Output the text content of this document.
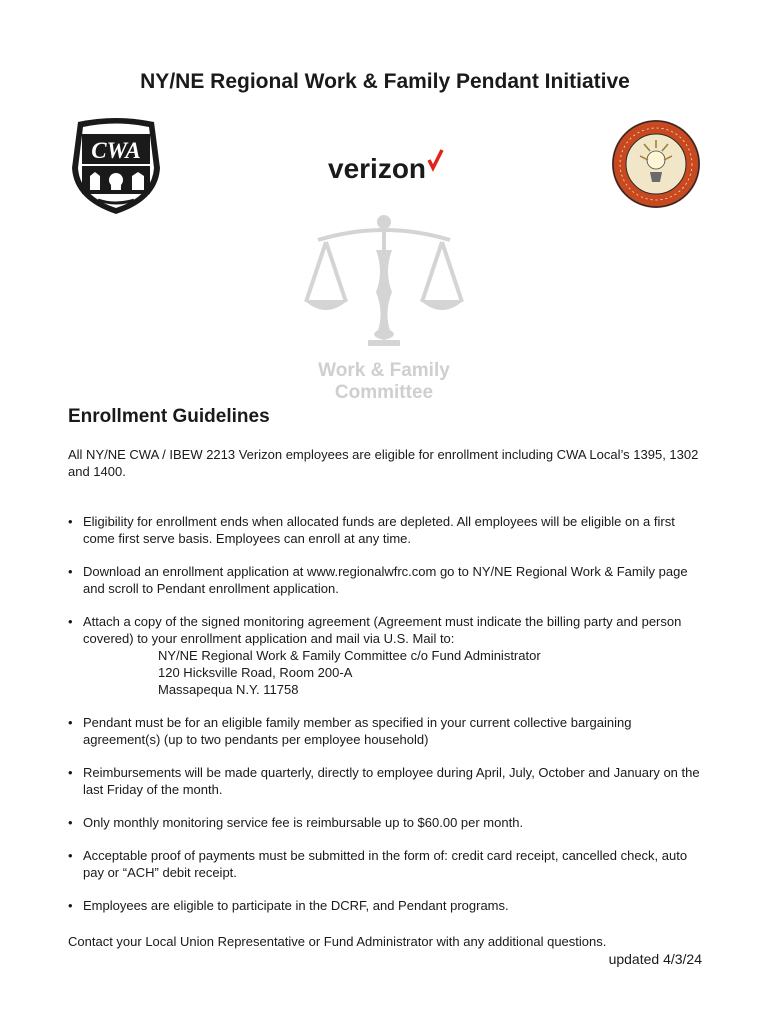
NY/NE Regional Work & Family Pendant Initiative
CWA
verizon
Work & Family
Committee
Enrollment Guidelines

All NY/NE CWA / IBEW 2213 Verizon employees are eligible for enrollment including CWA Local’s 1395, 1302 and 1400.

• Eligibility for enrollment ends when allocated funds are depleted. All employees will be eligible on a first come first serve basis. Employees can enroll at any time.
• Download an enrollment application at www.regionalwfrc.com go to NY/NE Regional Work & Family page and scroll to Pendant enrollment application.
• Attach a copy of the signed monitoring agreement (Agreement must indicate the billing party and person covered) to your enrollment application and mail via U.S. Mail to:
NY/NE Regional Work & Family Committee c/o Fund Administrator
120 Hicksville Road, Room 200-A
Massapequa N.Y. 11758
• Pendant must be for an eligible family member as specified in your current collective bargaining agreement(s) (up to two pendants per employee household)
• Reimbursements will be made quarterly, directly to employee during April, July, October and January on the last Friday of the month.
• Only monthly monitoring service fee is reimbursable up to $60.00 per month.
• Acceptable proof of payments must be submitted in the form of: credit card receipt, cancelled check, auto pay or “ACH” debit receipt.
• Employees are eligible to participate in the DCRF, and Pendant programs.

Contact your Local Union Representative or Fund Administrator with any additional questions.

updated 4/3/24
